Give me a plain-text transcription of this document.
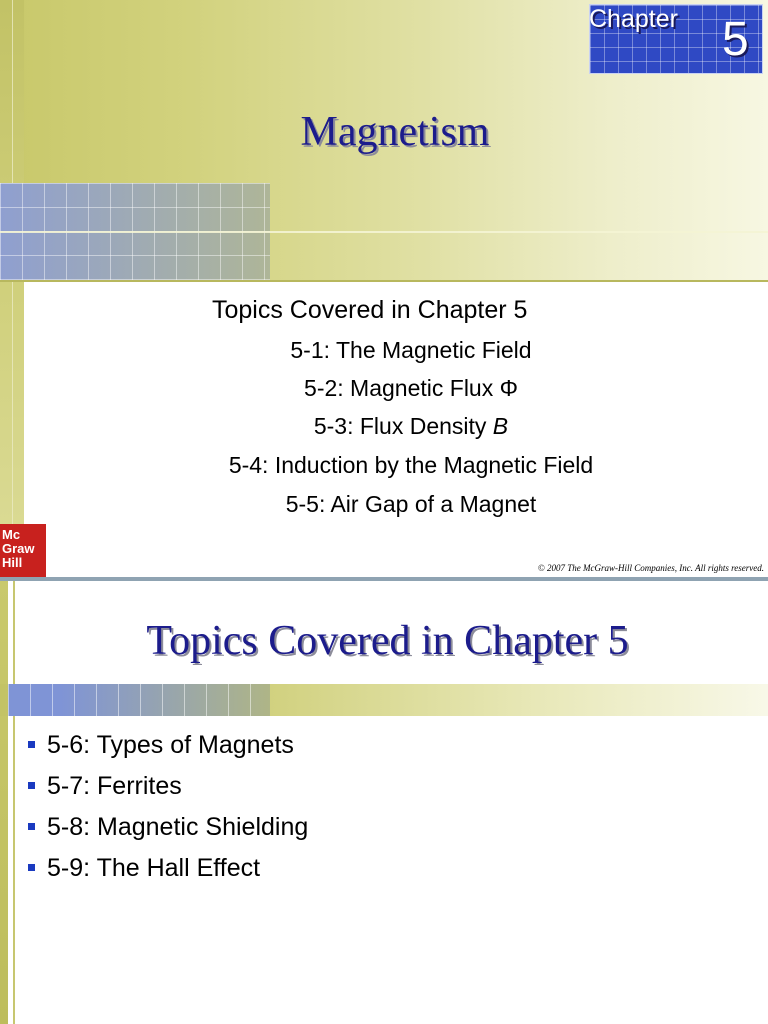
Chapter 5
Magnetism
Topics Covered in Chapter 5
5-1: The Magnetic Field
5-2: Magnetic Flux Φ
5-3: Flux Density B
5-4: Induction by the Magnetic Field
5-5: Air Gap of a Magnet
Mc
Graw
Hill	© 2007 The McGraw-Hill Companies, Inc. All rights reserved.
Topics Covered in Chapter 5
5-6: Types of Magnets
5-7: Ferrites
5-8: Magnetic Shielding
5-9: The Hall Effect
